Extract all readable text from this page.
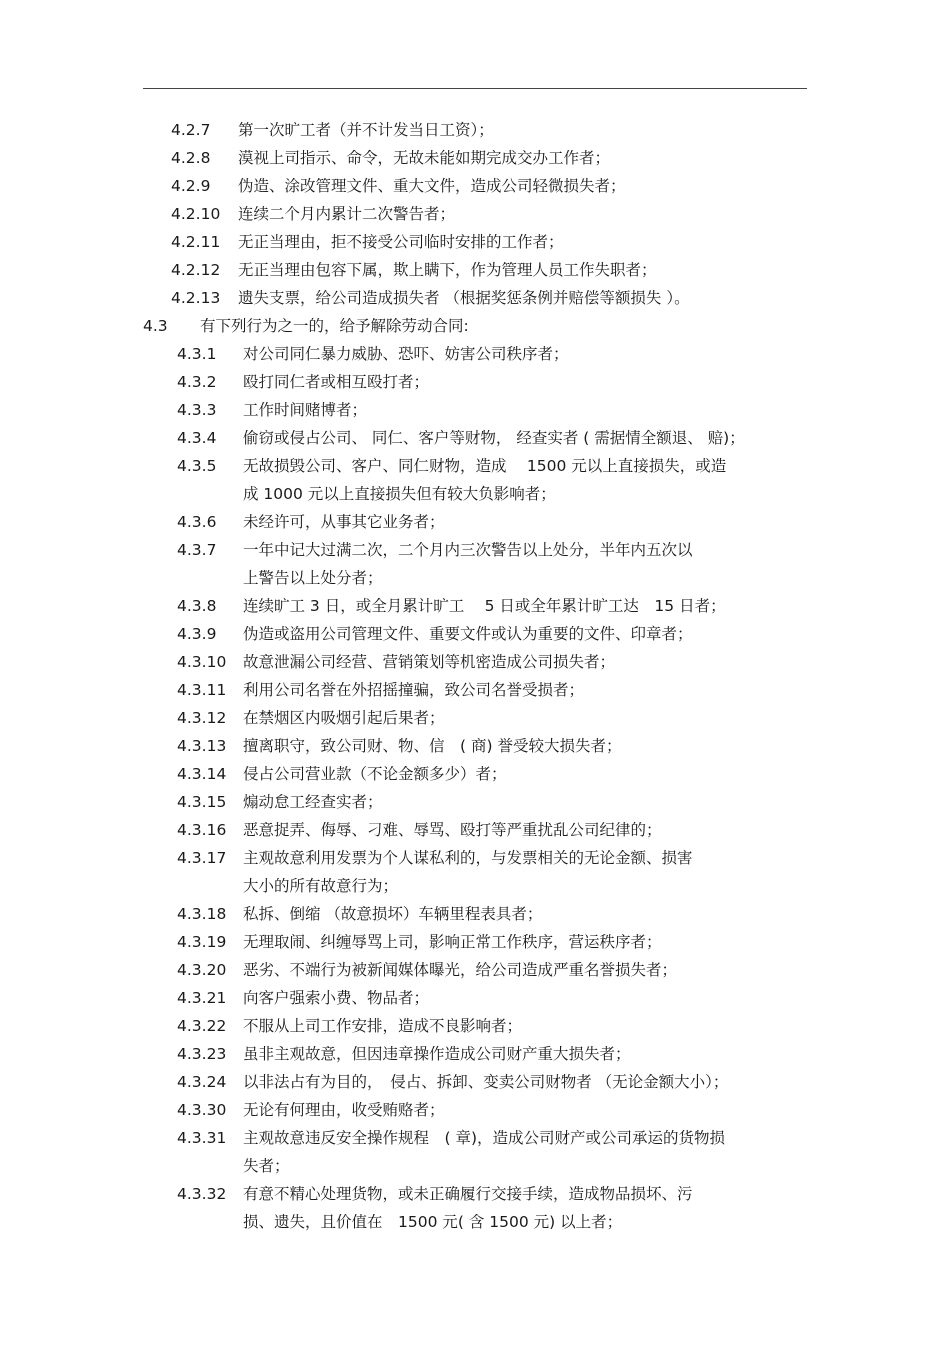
4.2.7	第一次旷工者（并不计发当日工资）；
4.2.8	漠视上司指示、命令，无故未能如期完成交办工作者；
4.2.9	伪造、涂改管理文件、重大文件，造成公司轻微损失者；
4.2.10	连续二个月内累计二次警告者；
4.2.11	无正当理由，拒不接受公司临时安排的工作者；
4.2.12	无正当理由包容下属，欺上瞒下，作为管理人员工作失职者；
4.2.13	遗失支票，给公司造成损失者 （根据奖惩条例并赔偿等额损失 ）。
4.3	有下列行为之一的，给予解除劳动合同:
4.3.1	对公司同仁暴力威胁、恐吓、妨害公司秩序者；
4.3.2	殴打同仁者或相互殴打者；
4.3.3	工作时间赌博者；
4.3.4	偷窃或侵占公司、 同仁、客户等财物， 经查实者 ( 需据情全额退、 赔)；
4.3.5	无故损毁公司、客户、同仁财物，造成　 1500 元以上直接损失，或造
成 1000 元以上直接损失但有较大负影响者；
4.3.6	未经许可，从事其它业务者；
4.3.7	一年中记大过满二次，二个月内三次警告以上处分，半年内五次以
上警告以上处分者；
4.3.8	连续旷工 3 日，或全月累计旷工　 5 日或全年累计旷工达　15 日者；
4.3.9	伪造或盗用公司管理文件、重要文件或认为重要的文件、印章者；
4.3.10	故意泄漏公司经营、营销策划等机密造成公司损失者；
4.3.11	利用公司名誉在外招摇撞骗，致公司名誉受损者；
4.3.12	在禁烟区内吸烟引起后果者；
4.3.13	擅离职守，致公司财、物、信　( 商) 誉受较大损失者；
4.3.14	侵占公司营业款（不论金额多少）者；
4.3.15	煽动怠工经查实者；
4.3.16	恶意捉弄、侮辱、刁难、辱骂、殴打等严重扰乱公司纪律的；
4.3.17	主观故意利用发票为个人谋私利的，与发票相关的无论金额、损害
大小的所有故意行为；
4.3.18	私拆、倒缩 （故意损坏）车辆里程表具者；
4.3.19	无理取闹、纠缠辱骂上司，影响正常工作秩序，营运秩序者；
4.3.20	恶劣、不端行为被新闻媒体曝光，给公司造成严重名誉损失者；
4.3.21	向客户强索小费、物品者；
4.3.22	不服从上司工作安排，造成不良影响者；
4.3.23	虽非主观故意，但因违章操作造成公司财产重大损失者；
4.3.24	以非法占有为目的，　侵占、拆卸、变卖公司财物者 （无论金额大小）；
4.3.30	无论有何理由，收受贿赂者；
4.3.31	主观故意违反安全操作规程　( 章)，造成公司财产或公司承运的货物损
失者；
4.3.32	有意不精心处理货物，或未正确履行交接手续，造成物品损坏、污
损、遗失，且价值在　1500 元( 含 1500 元) 以上者；
